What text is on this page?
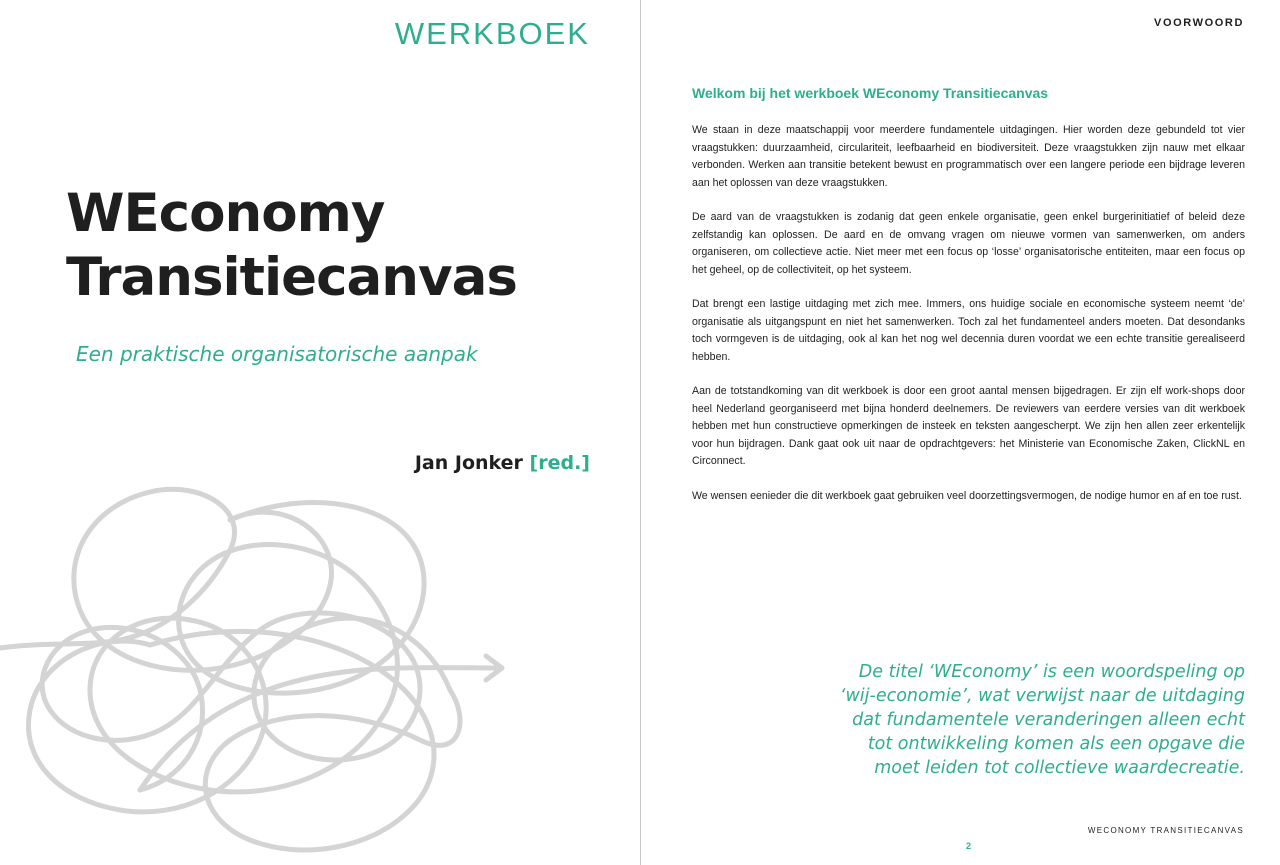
WERKBOEK
WEconomy
Transitiecanvas
Een praktische organisatorische aanpak
Jan Jonker [red.]
VOORWOORD
Welkom bij het werkboek WEconomy Transitiecanvas

We staan in deze maatschappij voor meerdere fundamentele uitdagingen. Hier worden deze gebundeld tot vier vraagstukken: duurzaamheid, circulariteit, leefbaarheid en biodiversiteit. Deze vraagstukken zijn nauw met elkaar verbonden. Werken aan transitie betekent bewust en programmatisch over een langere periode een bijdrage leveren aan het oplossen van deze vraagstukken.

De aard van de vraagstukken is zodanig dat geen enkele organisatie, geen enkel burgerinitiatief of beleid deze zelfstandig kan oplossen. De aard en de omvang vragen om nieuwe vormen van samenwerken, om anders organiseren, om collectieve actie. Niet meer met een focus op ‘losse’ organisatorische entiteiten, maar een focus op het geheel, op de collectiviteit, op het systeem.

Dat brengt een lastige uitdaging met zich mee. Immers, ons huidige sociale en economische systeem neemt ‘de’ organisatie als uitgangspunt en niet het samenwerken. Toch zal het fundamenteel anders moeten. Dat desondanks toch vormgeven is de uitdaging, ook al kan het nog wel decennia duren voordat we een echte transitie gerealiseerd hebben.

Aan de totstandkoming van dit werkboek is door een groot aantal mensen bijgedragen. Er zijn elf work-shops door heel Nederland georganiseerd met bijna honderd deelnemers. De reviewers van eerdere versies van dit werkboek hebben met hun constructieve opmerkingen de insteek en teksten aangescherpt. We zijn hen allen zeer erkentelijk voor hun bijdragen. Dank gaat ook uit naar de opdrachtgevers: het Ministerie van Economische Zaken, ClickNL en Circonnect.

We wensen eenieder die dit werkboek gaat gebruiken veel doorzettingsvermogen, de nodige humor en af en toe rust.

De titel ‘WEconomy’ is een woordspeling op ‘wij-economie’, wat verwijst naar de uitdaging dat fundamentele veranderingen alleen echt tot ontwikkeling komen als een opgave die moet leiden tot collectieve waardecreatie.

WECONOMY TRANSITIECANVAS
2
